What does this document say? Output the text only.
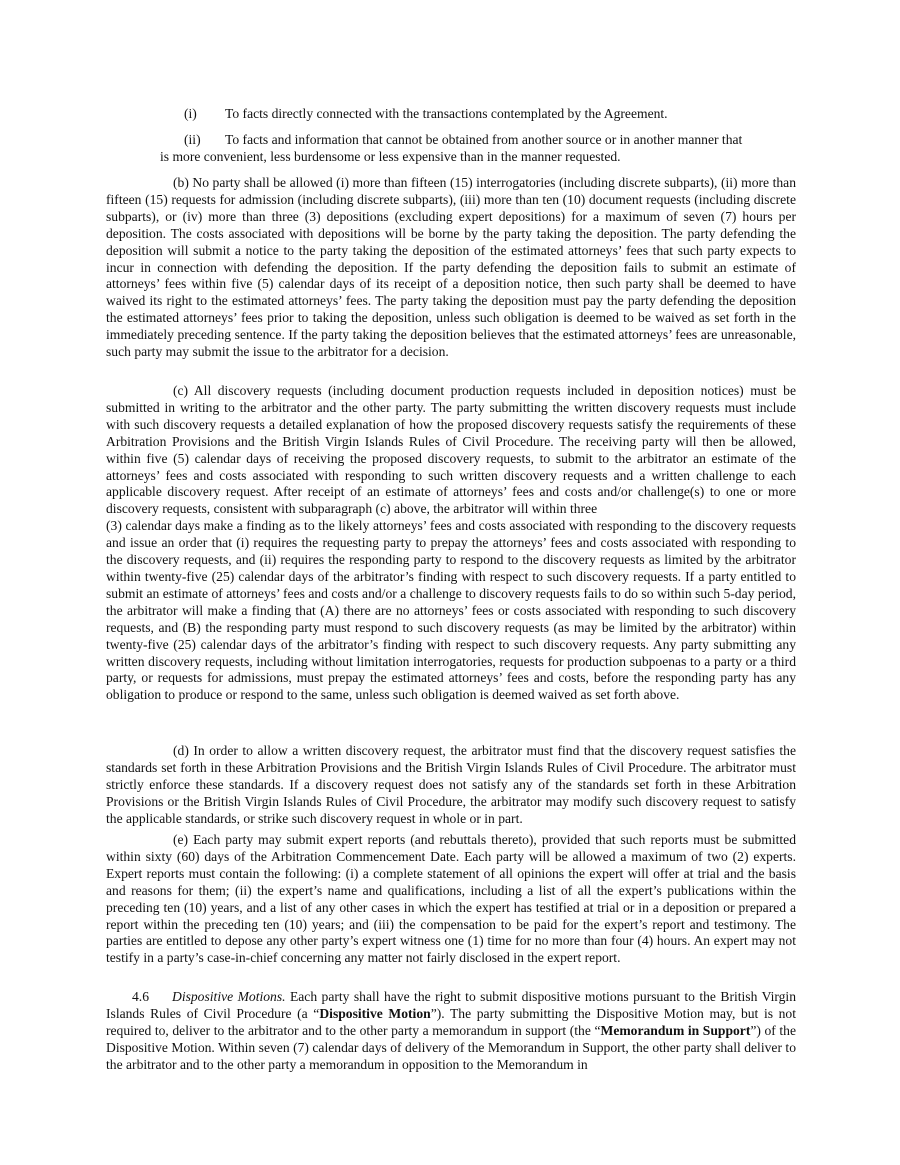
(i)	To facts directly connected with the transactions contemplated by the Agreement.
(ii)	To facts and information that cannot be obtained from another source or in another manner that
is more convenient, less burdensome or less expensive than in the manner requested.

(b) No party shall be allowed (i) more than fifteen (15) interrogatories (including discrete subparts), (ii) more than fifteen (15) requests for admission (including discrete subparts), (iii) more than ten (10) document requests (including discrete subparts), or (iv) more than three (3) depositions (excluding expert depositions) for a maximum of seven (7) hours per deposition. The costs associated with depositions will be borne by the party taking the deposition. The party defending the deposition will submit a notice to the party taking the deposition of the estimated attorneys’ fees that such party expects to incur in connection with defending the deposition. If the party defending the deposition fails to submit an estimate of attorneys’ fees within five (5) calendar days of its receipt of a deposition notice, then such party shall be deemed to have waived its right to the estimated attorneys’ fees. The party taking the deposition must pay the party defending the deposition the estimated attorneys’ fees prior to taking the deposition, unless such obligation is deemed to be waived as set forth in the immediately preceding sentence. If the party taking the deposition believes that the estimated attorneys’ fees are unreasonable, such party may submit the issue to the arbitrator for a decision.

(c) All discovery requests (including document production requests included in deposition notices) must be submitted in writing to the arbitrator and the other party. The party submitting the written discovery requests must include with such discovery requests a detailed explanation of how the proposed discovery requests satisfy the requirements of these Arbitration Provisions and the British Virgin Islands Rules of Civil Procedure. The receiving party will then be allowed, within five (5) calendar days of receiving the proposed discovery requests, to submit to the arbitrator an estimate of the attorneys’ fees and costs associated with responding to such written discovery requests and a written challenge to each applicable discovery request. After receipt of an estimate of attorneys’ fees and costs and/or challenge(s) to one or more discovery requests, consistent with subparagraph (c) above, the arbitrator will within three

(3) calendar days make a finding as to the likely attorneys’ fees and costs associated with responding to the discovery requests and issue an order that (i) requires the requesting party to prepay the attorneys’ fees and costs associated with responding to the discovery requests, and (ii) requires the responding party to respond to the discovery requests as limited by the arbitrator within twenty-five (25) calendar days of the arbitrator’s finding with respect to such discovery requests. If a party entitled to submit an estimate of attorneys’ fees and costs and/or a challenge to discovery requests fails to do so within such 5-day period, the arbitrator will make a finding that (A) there are no attorneys’ fees or costs associated with responding to such discovery requests, and (B) the responding party must respond to such discovery requests (as may be limited by the arbitrator) within twenty-five (25) calendar days of the arbitrator’s finding with respect to such discovery requests. Any party submitting any written discovery requests, including without limitation interrogatories, requests for production subpoenas to a party or a third party, or requests for admissions, must prepay the estimated attorneys’ fees and costs, before the responding party has any obligation to produce or respond to the same, unless such obligation is deemed waived as set forth above.

(d) In order to allow a written discovery request, the arbitrator must find that the discovery request satisfies the standards set forth in these Arbitration Provisions and the British Virgin Islands Rules of Civil Procedure. The arbitrator must strictly enforce these standards. If a discovery request does not satisfy any of the standards set forth in these Arbitration Provisions or the British Virgin Islands Rules of Civil Procedure, the arbitrator may modify such discovery request to satisfy the applicable standards, or strike such discovery request in whole or in part.

(e) Each party may submit expert reports (and rebuttals thereto), provided that such reports must be submitted within sixty (60) days of the Arbitration Commencement Date. Each party will be allowed a maximum of two (2) experts. Expert reports must contain the following: (i) a complete statement of all opinions the expert will offer at trial and the basis and reasons for them; (ii) the expert’s name and qualifications, including a list of all the expert’s publications within the preceding ten (10) years, and a list of any other cases in which the expert has testified at trial or in a deposition or prepared a report within the preceding ten (10) years; and (iii) the compensation to be paid for the expert’s report and testimony. The parties are entitled to depose any other party’s expert witness one (1) time for no more than four (4) hours. An expert may not testify in a party’s case-in-chief concerning any matter not fairly disclosed in the expert report.

4.6 Dispositive Motions. Each party shall have the right to submit dispositive motions pursuant to the British Virgin Islands Rules of Civil Procedure (a “Dispositive Motion”). The party submitting the Dispositive Motion may, but is not required to, deliver to the arbitrator and to the other party a memorandum in support (the “Memorandum in Support”) of the Dispositive Motion. Within seven (7) calendar days of delivery of the Memorandum in Support, the other party shall deliver to the arbitrator and to the other party a memorandum in opposition to the Memorandum in
